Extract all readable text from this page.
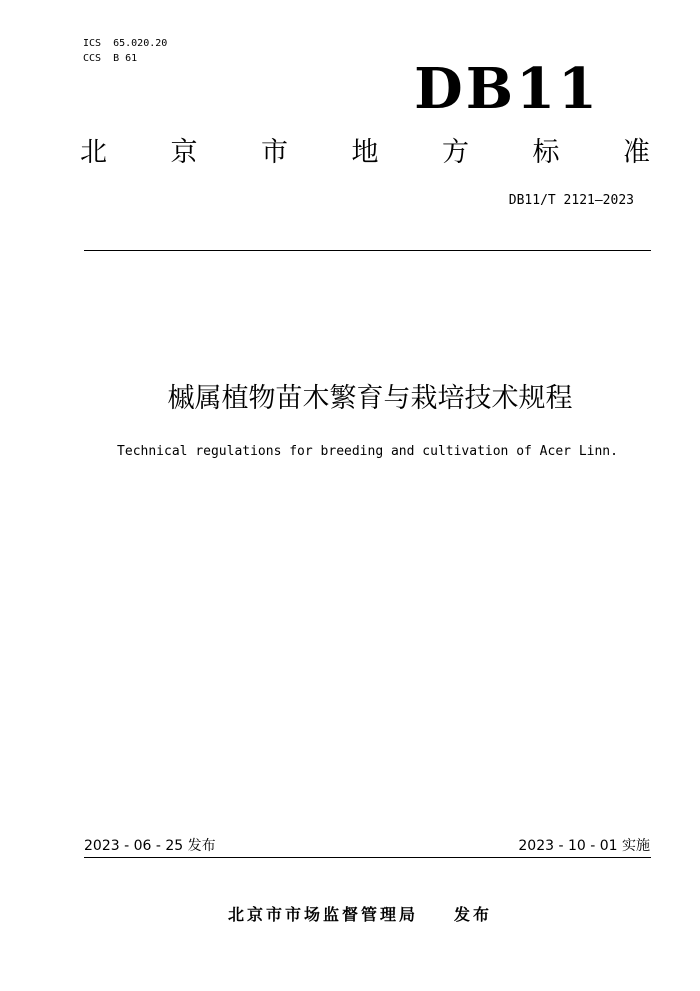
ICS  65.020.20
CCS  B 61	DB11
北 京 市 地 方 标 准
DB11/T 2121—2023
槭属植物苗木繁育与栽培技术规程
Technical regulations for breeding and cultivation of Acer Linn.
2023 - 06 - 25 发布	2023 - 10 - 01 实施
北京市市场监督管理局 发布
